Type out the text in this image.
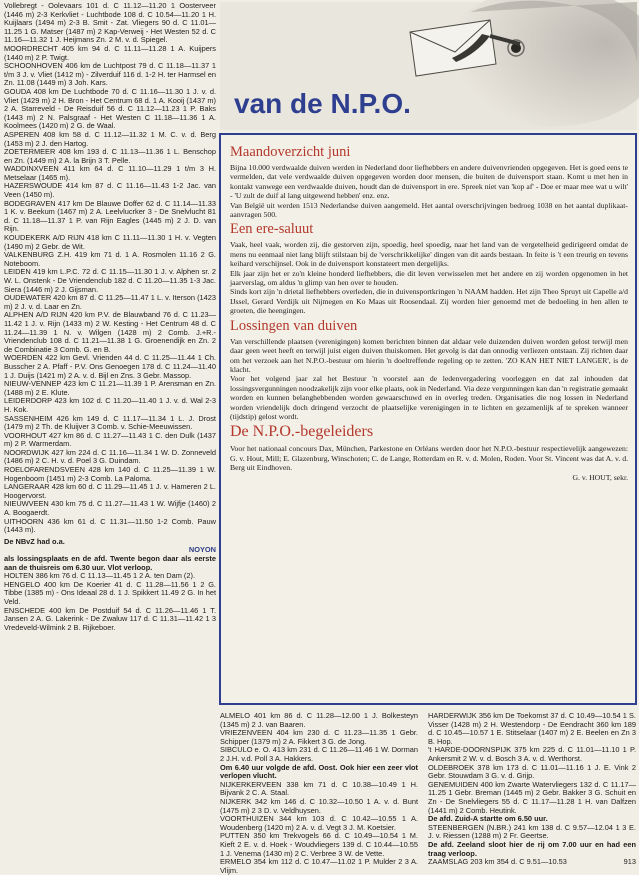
Vollebregt - Oolevaars 101 d. C 11.12—11.20 1 Oosterveer (1446 m) 2-3 Kerkvliet - Luchtbode 108 d. C 10.54—11.20 1 H. Kuijlaars (1494 m) 2-3 B. Smit - Zat. Vliegers 90 d. C 11.01—11.25 1 G. Matser (1487 m) 2 Kap-Verweij - Het Westen 52 d. C 11.16—11.32 1 J. Heijmans Zn. 2 M. v. d. Spiegel.

MOORDRECHT 405 km 94 d. C 11.11—11.28 1 A. Kuijpers (1440 m) 2 P. Twigt.

SCHOONHOVEN 406 km de Luchtpost 79 d. C 11.18—11.37 1 t/m 3 J. v. Vliet (1412 m) - Zilverduif 116 d. 1-2 H. ter Harmsel en Zn. 11.08 (1449 m) 3 Joh. Kars.

GOUDA 408 km De Luchtbode 70 d. C 11.16—11.30 1 J. v. d. Vliet (1429 m) 2 H. Bron - Het Centrum 68 d. 1 A. Kooij (1437 m) 2 A. Starreveld - De Reisduif 56 d. C 11.12—11.23 1 P. Baks (1443 m) 2 N. Palsgraaf - Het Westen C 11.18—11.36 1 A. Koolmees (1420 m) 2 G. de Waal.

ASPEREN 408 km 58 d. C 11.12—11.32 1 M. C. v. d. Berg (1453 m) 2 J. den Hartog.

ZOETERMEER 408 km 193 d. C 11.13—11.36 1 L. Benschop en Zn. (1449 m) 2 A. la Brijn 3 T. Pelle.

WADDINXVEEN 411 km 64 d. C 11.10—11.29 1 t/m 3 H. Metselaar (1465 m).

HAZERSWOUDE 414 km 87 d. C 11.16—11.43 1-2 Jac. van Veen (1450 m).

BODEGRAVEN 417 km De Blauwe Doffer 62 d. C 11.14—11.33 1 K. v. Beekum (1467 m) 2 A. Leelvlucrker 3 - De Snelvlucht 81 d. C 11.18—11.37 1 P. van Rijn Eagles (1445 m) 2 J. D. van Rijn.

KOUDEKERK A/D RIJN 418 km C 11.11—11.30 1 H. v. Vegten (1490 m) 2 Gebr. de Wit.

VALKENBURG Z.H. 419 km 71 d. 1 A. Rosmolen 11.16 2 G. Noteboom.

LEIDEN 419 km L.P.C. 72 d. C 11.15—11.30 1 J. v. Alphen sr. 2 W. L. Onstenk - De Vriendenclub 182 d. C 11.20—11.35 1-3 Jac. Siera (1446 m) 2 J. Gijsman.

OUDEWATER 420 km 87 d. C 11.25—11.47 1 L. v. Iterson (1423 m) 2 J. v. d. Laar en Zn.

ALPHEN A/D RIJN 420 km P.V. de Blauwband 76 d. C 11.23—11.42 1 J. v. Rijn (1433 m) 2 W. Kesting - Het Centrum 48 d. C 11.24—11.39 1 N. v. Wilgen (1428 m) 2 Comb. J.+R.- Vriendenclub 108 d. C 11.21—11.38 1 G. Groenendijk en Zn. 2 de Combinatie 3 Comb. G. en B.

WOERDEN 422 km Gevl. Vrienden 44 d. C 11.25—11.44 1 Ch. Busscher 2 A. Pfaff - P.V. Ons Genoegen 178 d. C 11.24—11.40 1 J. Duijs (1421 m) 2 A. v. d. Bijl en Zns. 3 Gebr. Massop.

NIEUW-VENNEP 423 km C 11.21—11.39 1 P. Arensman en Zn. (1488 m) 2 E. Klute.

LEIDERDORP 423 km 102 d. C 11.20—11.40 1 J. v. d. Wal 2-3 H. Kok.

SASSENHEIM 426 km 149 d. C 11.17—11.34 1 L. J. Drost (1479 m) 2 Th. de Kluijver 3 Comb. v. Schie-Meeuwissen.

VOORHOUT 427 km 86 d. C 11.27—11.43 1 C. den Dulk (1437 m) 2 P. Warmerdam.

NOORDWIJK 427 km 224 d. C 11.16—11.34 1 W. D. Zonneveld (1486 m) 2 C. H. v. d. Poel 3 G. Duindam.

ROELOFARENDSVEEN 428 km 140 d. C 11.25—11.39 1 W. Hogenboom (1451 m) 2-3 Comb. La Paloma.

LANGERAAR 428 km 60 d. C 11.29—11.45 1 J. v. Hameren 2 L. Hoogervorst.

NIEUWVEEN 430 km 75 d. C 11.27—11.43 1 W. Wijfje (1460) 2 A. Boogaerdt.

UITHOORN 436 km 61 d. C 11.31—11.50 1-2 Comb. Pauw (1443 m).

De NBvZ had o.a.

NOYON

als lossingsplaats en de afd. Twente begon daar als eerste aan de thuisreis om 6.30 uur. Vlot verloop.

HOLTEN 386 km 76 d. C 11.13—11.45 1 2 A. ten Dam (2).

HENGELO 400 km De Koerier 41 d. C 11.28—11.56 1 2 G. Tibbe (1385 m) - Ons Ideaal 28 d. 1 J. Spikkert 11.49 2 G. In het Veld.

ENSCHEDE 400 km De Postduif 54 d. C 11.26—11.46 1 T. Jansen 2 A. G. Lakerink - De Zwaluw 117 d. C 11.31—11.42 1 3 Vredeveld-Wilmink 2 B. Rijkeboer.

van de N.P.O.
Maandoverzicht juni

Bijna 10.000 verdwaalde duiven werden in Nederland door liefhebbers en andere duivenvrienden opgegeven. Het is goed eens te vermelden, dat vele verdwaalde duiven opgegeven worden door mensen, die buiten de duivensport staan. Komt u met hen in kontakt vanwege een verdwaalde duiven, houdt dan de duivensport in ere. Spreek niet van 'kop af' - Doe er maar mee wat u wilt' - 'U zult de duif al lang uitgewend hebben' enz. enz.

Van België uit werden 1513 Nederlandse duiven aangemeld. Het aantal overschrijvingen bedroeg 1038 en het aantal duplikaat-aanvragen 500.

Een ere-saluut

Vaak, heel vaak, worden zij, die gestorven zijn, spoedig, heel spoedig, naar het land van de vergetelheid gedirigeerd omdat de mens nu eenmaal niet lang blijft stilstaan bij de 'verschrikkelijke' dingen van dit aards bestaan. In feite is 't een treurig en tevens keihard verschijnsel. Ook in de duivensport konstateert men dergelijks.

Elk jaar zijn het er zo'n kleine honderd liefhebbers, die dit leven verwisselen met het andere en zij worden opgenomen in het jaarverslag, om aldus 'n glimp van hen over te houden.

Sinds kort zijn 'n drietal liefhebbers overleden, die in duivensportkringen 'n NAAM hadden. Het zijn Theo Spruyt uit Capelle a/d IJssel, Gerard Verdijk uit Nijmegen en Ko Maas uit Roosendaal. Zij worden hier genoemd met de bedoeling in hen allen te groeten, die heengingen.

Lossingen van duiven

Van verschillende plaatsen (verenigingen) komen berichten binnen dat aldaar vele duizenden duiven worden gelost terwijl men daar geen weet heeft en terwijl juist eigen duiven thuiskomen. Het gevolg is dat dan onnodig verliezen ontstaan. Zij richten daar om het verzoek aan het N.P.O.-bestuur om hierin 'n doeltreffende regeling op te zetten. 'ZO KAN HET NIET LANGER', is de klacht.

Voor het volgend jaar zal het Bestuur 'n voorstel aan de ledenvergadering voorleggen en dat zal inhouden dat lossingsvergunningen noodzakelijk zijn voor elke plaats, ook in Nederland. Via deze vergunningen kan dan 'n registratie gemaakt worden en kunnen belanghebbenden worden gewaarschuwd en in overleg treden. Organisaties die nog lossen in Nederland worden vriendelijk doch dringend verzocht de plaatselijke verenigingen in te lichten en gezamenlijk af te spreken wanneer (tijdstip) gelost wordt.

De N.P.O.-begeleiders

Voor het nationaal concours Dax, München, Parkestone en Orléans werden door het N.P.O.-bestuur respectievelijk aangewezen: G. v. Hout, Mill; E. Glazenburg, Winschoten; C. de Lange, Rotterdam en R. v. d. Molen, Roden. Voor St. Vincent was dat A. v. d. Berg uit Eindhoven.

G. v. HOUT, sekr.

ALMELO 401 km 86 d. C 11.28—12.00 1 J. Bolkesteyn (1345 m) 2 J. van Baaren.

VRIEZENVEEN 404 km 230 d. C 11.23—11.35 1 Gebr. Schipper (1379 m) 2 A. Fikkert 3 G. de Jong.

SIBCULO e. O. 413 km 231 d. C 11.26—11.46 1 W. Dorman 2 J.H. v.d. Poll 3 A. Hakkers.

Om 6.40 uur volgde de afd. Oost. Ook hier een zeer vlot verlopen vlucht.

NIJKERKERVEEN 338 km 71 d. C 10.38—10.49 1 H. Bijvank 2 C. A. Staal.

NIJKERK 342 km 146 d. C 10.32—10.50 1 A. v. d. Bunt (1475 m) 2 3 D. v. Veldhuysen.

VOORTHUIZEN 344 km 103 d. C 10.42—10.55 1 A. Woudenberg (1420 m) 2 A. v. d. Vegt 3 J. M. Koetsier.

PUTTEN 350 km Trekvogels 66 d. C 10.49—10.54 1 M. Kieft 2 E. v. d. Hoek - Woudvliegers 139 d. C 10.44—10.55 1 J. Venema (1430 m) 2 C. Verbree 3 W. de Vette.

ERMELO 354 km 112 d. C 10.47—11.02 1 P. Mulder 2 3 A. Vlijm.

HARDERWIJK 356 km De Toekomst 37 d. C 10.49—10.54 1 S. Visser (1428 m) 2 H. Westendorp - De Eendracht 360 km 189 d. C 10.45—10.57 1 E. Stitselaar (1407 m) 2 E. Beelen en Zn 3 B. Hop.

't HARDE-DOORNSPIJK 375 km 225 d. C 11.01—11.10 1 P. Ankersmit 2 W. v. d. Bosch 3 A. v. d. Werthorst.

OLDEBROEK 378 km 173 d. C 11.01—11.16 1 J. E. Vink 2 Gebr. Stouwdam 3 G. v. d. Grijp.

GENEMUIDEN 400 km Zwarte Watervliegers 132 d. C 11.17—11.25 1 Gebr. Breman (1445 m) 2 Gebr. Bakker 3 G. Schuit en Zn - De Snelvliegers 55 d. C 11.17—11.28 1 H. van Dalfzen (1441 m) 2 Comb. Heutink.

De afd. Zuid-A startte om 6.50 uur.

STEENBERGEN (N.BR.) 241 km 138 d. C 9.57—12.04 1 3 E. J. v. Riessen (1288 m) 2 Fr. Geertse.

De afd. Zeeland sloot hier de rij om 7.00 uur en had een traag verloop.

ZAAMSLAG 203 km 354 d. C 9.51—10.53	913
